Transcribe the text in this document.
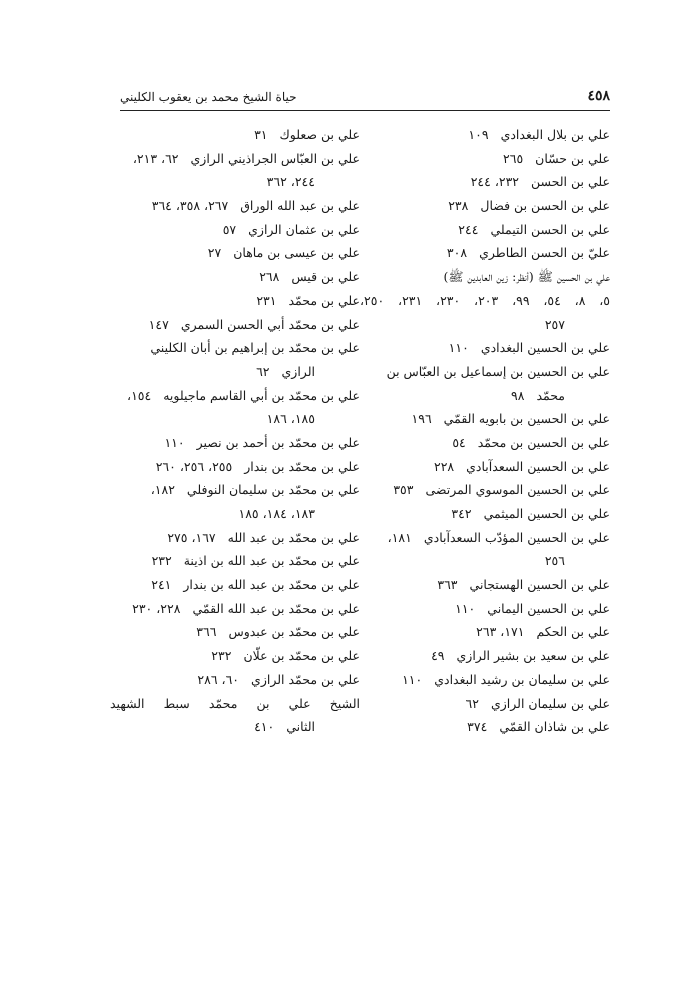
حياة الشيخ محمد بن يعقوب الكليني	٤٥٨
علي بن بلال البغدادي١٠٩
علي بن حسّان٢٦٥
علي بن الحسن٢٣٢، ٢٤٤
علي بن الحسن بن فضال٢٣٨
علي بن الحسن التيملي٢٤٤
عليّ بن الحسن الطاطري٣٠٨
علي بن الحسين ﷺ (أنظر: زين العابدين ﷺ)
٥، ٨، ٥٤، ٩٩، ٢٠٣، ٢٣٠، ٢٣١، ٢٥٠،
٢٥٧
علي بن الحسين البغدادي١١٠
علي بن الحسين بن إسماعيل بن العبّاس بن
محمّد٩٨
علي بن الحسين بن بابويه القمّي١٩٦
علي بن الحسين بن محمّد٥٤
علي بن الحسين السعدآبادي٢٢٨
علي بن الحسين الموسوي المرتضى٣٥٣
علي بن الحسين الميثمي٣٤٢
علي بن الحسين المؤدّب السعدآبادي١٨١،
٢٥٦
علي بن الحسين الهستجاني٣٦٣
علي بن الحسين اليماني١١٠
علي بن الحكم١٧١، ٢٦٣
علي بن سعيد بن بشير الرازي٤٩
علي بن سليمان بن رشيد البغدادي١١٠
علي بن سليمان الرازي٦٢
علي بن شاذان القمّي٣٧٤
علي بن صعلوك٣١
علي بن العبّاس الجراذيني الرازي٦٢، ٢١٣،
٢٤٤، ٣٦٢
علي بن عبد الله الوراق٢٦٧، ٣٥٨، ٣٦٤
علي بن عثمان الرازي٥٧
علي بن عيسى بن ماهان٢٧
علي بن قيس٢٦٨
علي بن محمّد٢٣١
علي بن محمّد أبي الحسن السمري١٤٧
علي بن محمّد بن إبراهيم بن أبان الكليني
الرازي٦٢
علي بن محمّد بن أبي القاسم ماجيلويه١٥٤،
١٨٥، ١٨٦
علي بن محمّد بن أحمد بن نصير١١٠
علي بن محمّد بن بندار٢٥٥، ٢٥٦، ٢٦٠
علي بن محمّد بن سليمان النوفلي١٨٢،
١٨٣، ١٨٤، ١٨٥
علي بن محمّد بن عبد الله١٦٧، ٢٧٥
علي بن محمّد بن عبد الله بن اذينة٢٣٢
علي بن محمّد بن عبد الله بن بندار٢٤١
علي بن محمّد بن عبد الله القمّي٢٢٨، ٢٣٠
علي بن محمّد بن عبدوس٣٦٦
علي بن محمّد بن علّان٢٣٢
علي بن محمّد الرازي٦٠، ٢٨٦
الشيخ علي بن محمّد سبط الشهيد
الثاني٤١٠
